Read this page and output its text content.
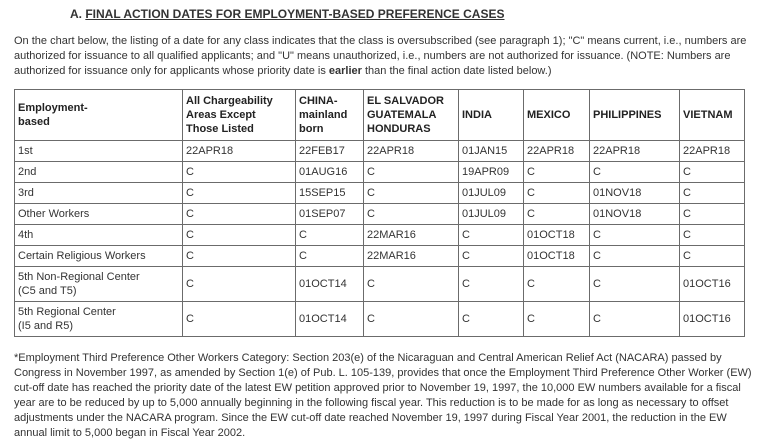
A. FINAL ACTION DATES FOR EMPLOYMENT-BASED PREFERENCE CASES
On the chart below, the listing of a date for any class indicates that the class is oversubscribed (see paragraph 1); "C" means current, i.e., numbers are authorized for issuance to all qualified applicants; and "U" means unauthorized, i.e., numbers are not authorized for issuance. (NOTE: Numbers are authorized for issuance only for applicants whose priority date is earlier than the final action date listed below.)
Employment-
based	All Chargeability
Areas Except
Those Listed	CHINA-
mainland
born	EL SALVADOR
GUATEMALA
HONDURAS	INDIA	MEXICO	PHILIPPINES	VIETNAM
1st	22APR18	22FEB17	22APR18	01JAN15	22APR18	22APR18	22APR18
2nd	C	01AUG16	C	19APR09	C	C	C
3rd	C	15SEP15	C	01JUL09	C	01NOV18	C
Other Workers	C	01SEP07	C	01JUL09	C	01NOV18	C
4th	C	C	22MAR16	C	01OCT18	C	C
Certain Religious Workers	C	C	22MAR16	C	01OCT18	C	C
5th Non-Regional Center
(C5 and T5)	C	01OCT14	C	C	C	C	01OCT16
5th Regional Center
(I5 and R5)	C	01OCT14	C	C	C	C	01OCT16
*Employment Third Preference Other Workers Category: Section 203(e) of the Nicaraguan and Central American Relief Act (NACARA) passed by Congress in November 1997, as amended by Section 1(e) of Pub. L. 105-139, provides that once the Employment Third Preference Other Worker (EW) cut-off date has reached the priority date of the latest EW petition approved prior to November 19, 1997, the 10,000 EW numbers available for a fiscal year are to be reduced by up to 5,000 annually beginning in the following fiscal year. This reduction is to be made for as long as necessary to offset adjustments under the NACARA program. Since the EW cut-off date reached November 19, 1997 during Fiscal Year 2001, the reduction in the EW annual limit to 5,000 began in Fiscal Year 2002.
